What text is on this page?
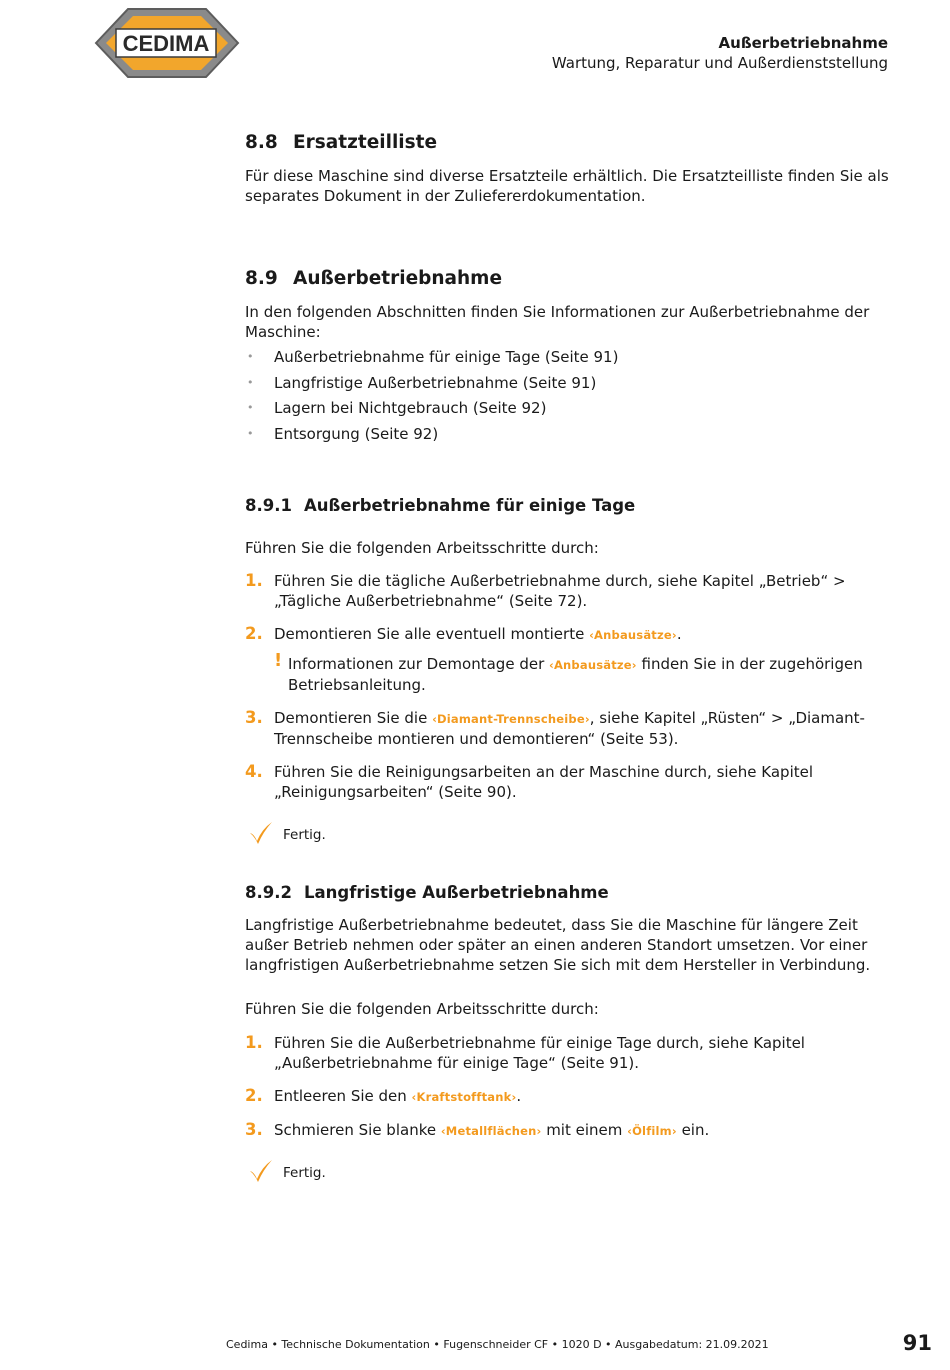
CEDIMA	Außerbetriebnahme
Wartung, Reparatur und Außerdienststellung
8.8 Ersatzteilliste
Für diese Maschine sind diverse Ersatzteile erhältlich. Die Ersatzteilliste finden Sie als separates Dokument in der Zuliefererdokumentation.
8.9 Außerbetriebnahme
In den folgenden Abschnitten finden Sie Informationen zur Außerbetriebnahme der Maschine:
• Außerbetriebnahme für einige Tage (Seite 91)
• Langfristige Außerbetriebnahme (Seite 91)
• Lagern bei Nichtgebrauch (Seite 92)
• Entsorgung (Seite 92)
8.9.1 Außerbetriebnahme für einige Tage
Führen Sie die folgenden Arbeitsschritte durch:
1. Führen Sie die tägliche Außerbetriebnahme durch, siehe Kapitel „Betrieb“ > „Tägliche Außerbetriebnahme“ (Seite 72).
2. Demontieren Sie alle eventuell montierte ‹Anbausätze›.
! Informationen zur Demontage der ‹Anbausätze› finden Sie in der zugehörigen Betriebsanleitung.
3. Demontieren Sie die ‹Diamant-Trennscheibe›, siehe Kapitel „Rüsten“ > „Diamant-Trennscheibe montieren und demontieren“ (Seite 53).
4. Führen Sie die Reinigungsarbeiten an der Maschine durch, siehe Kapitel „Reinigungsarbeiten“ (Seite 90).
Fertig.
8.9.2 Langfristige Außerbetriebnahme
Langfristige Außerbetriebnahme bedeutet, dass Sie die Maschine für längere Zeit außer Betrieb nehmen oder später an einen anderen Standort umsetzen. Vor einer langfristigen Außerbetriebnahme setzen Sie sich mit dem Hersteller in Verbindung.
Führen Sie die folgenden Arbeitsschritte durch:
1. Führen Sie die Außerbetriebnahme für einige Tage durch, siehe Kapitel „Außerbetriebnahme für einige Tage“ (Seite 91).
2. Entleeren Sie den ‹Kraftstofftank›.
3. Schmieren Sie blanke ‹Metallflächen› mit einem ‹Ölfilm› ein.
Fertig.
Cedima • Technische Dokumentation • Fugenschneider CF • 1020 D • Ausgabedatum: 21.09.2021	91
